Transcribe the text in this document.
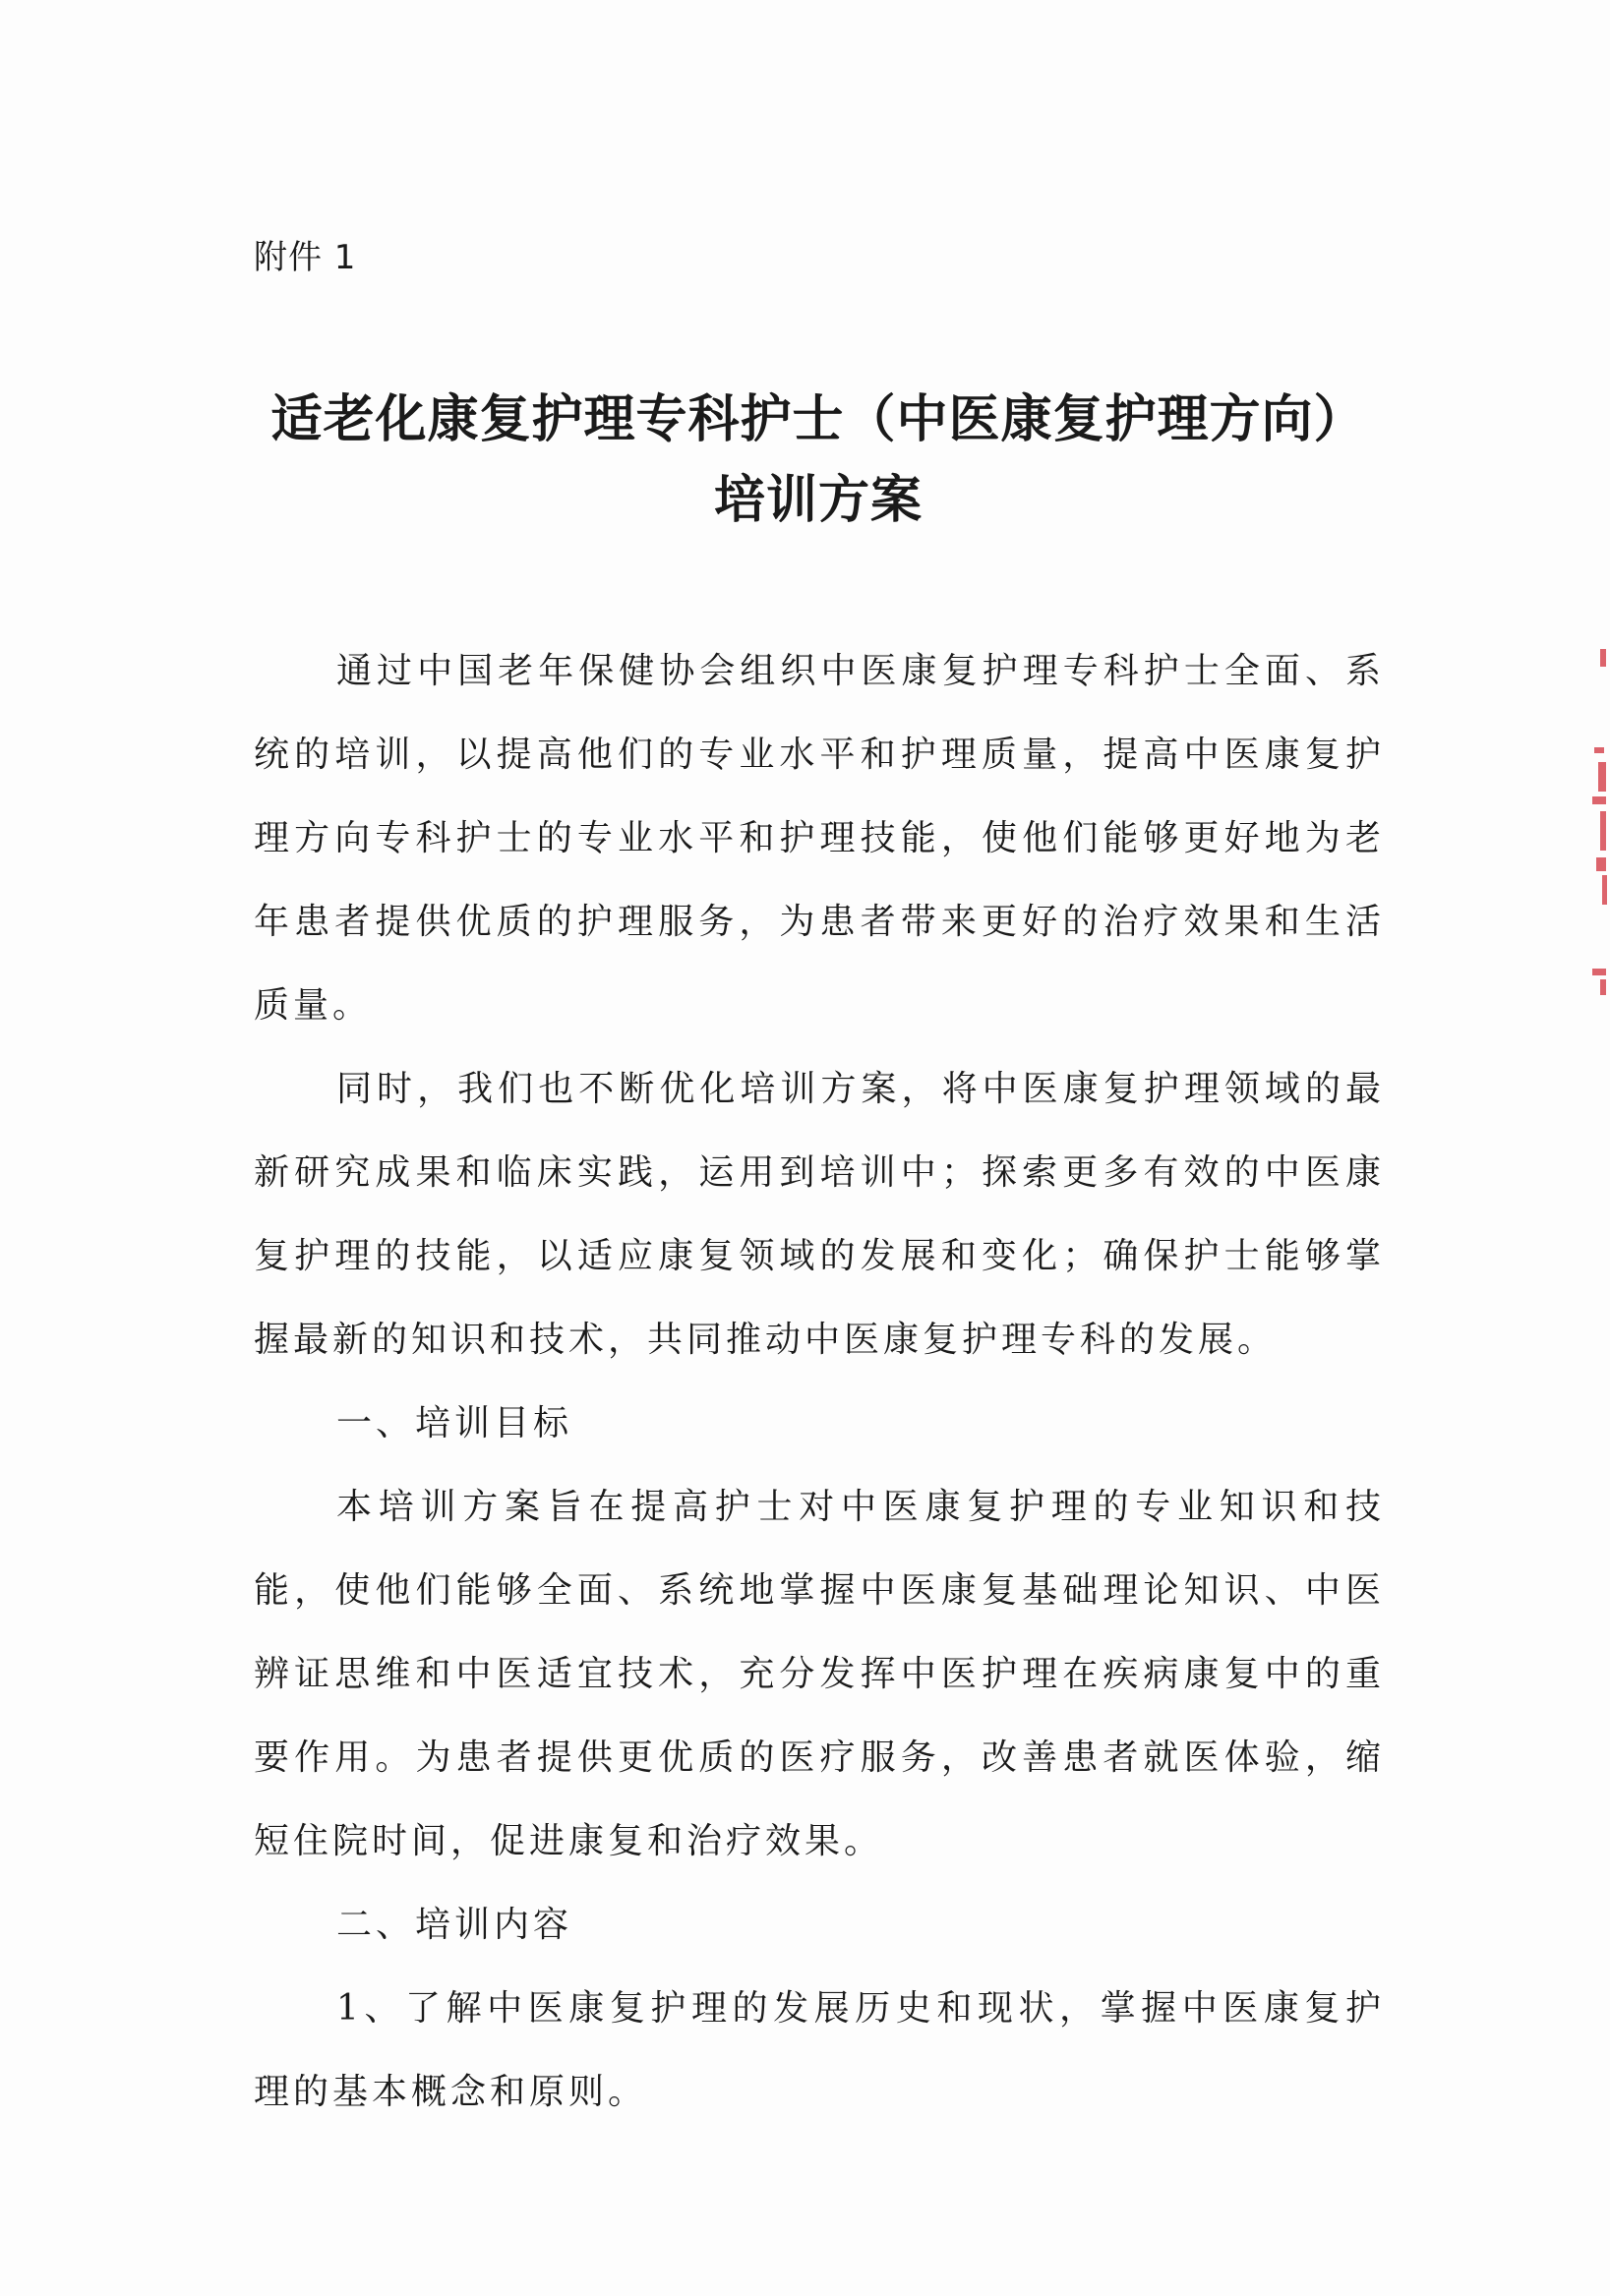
附件 1
适老化康复护理专科护士（中医康复护理方向）
培训方案

通过中国老年保健协会组织中医康复护理专科护士全面、系统的培训，以提高他们的专业水平和护理质量，提高中医康复护理方向专科护士的专业水平和护理技能，使他们能够更好地为老年患者提供优质的护理服务，为患者带来更好的治疗效果和生活质量。

同时，我们也不断优化培训方案，将中医康复护理领域的最新研究成果和临床实践，运用到培训中；探索更多有效的中医康复护理的技能，以适应康复领域的发展和变化；确保护士能够掌握最新的知识和技术，共同推动中医康复护理专科的发展。

一、培训目标

本培训方案旨在提高护士对中医康复护理的专业知识和技能，使他们能够全面、系统地掌握中医康复基础理论知识、中医辨证思维和中医适宜技术，充分发挥中医护理在疾病康复中的重要作用。为患者提供更优质的医疗服务，改善患者就医体验，缩短住院时间，促进康复和治疗效果。

二、培训内容

1、了解中医康复护理的发展历史和现状，掌握中医康复护理的基本概念和原则。
